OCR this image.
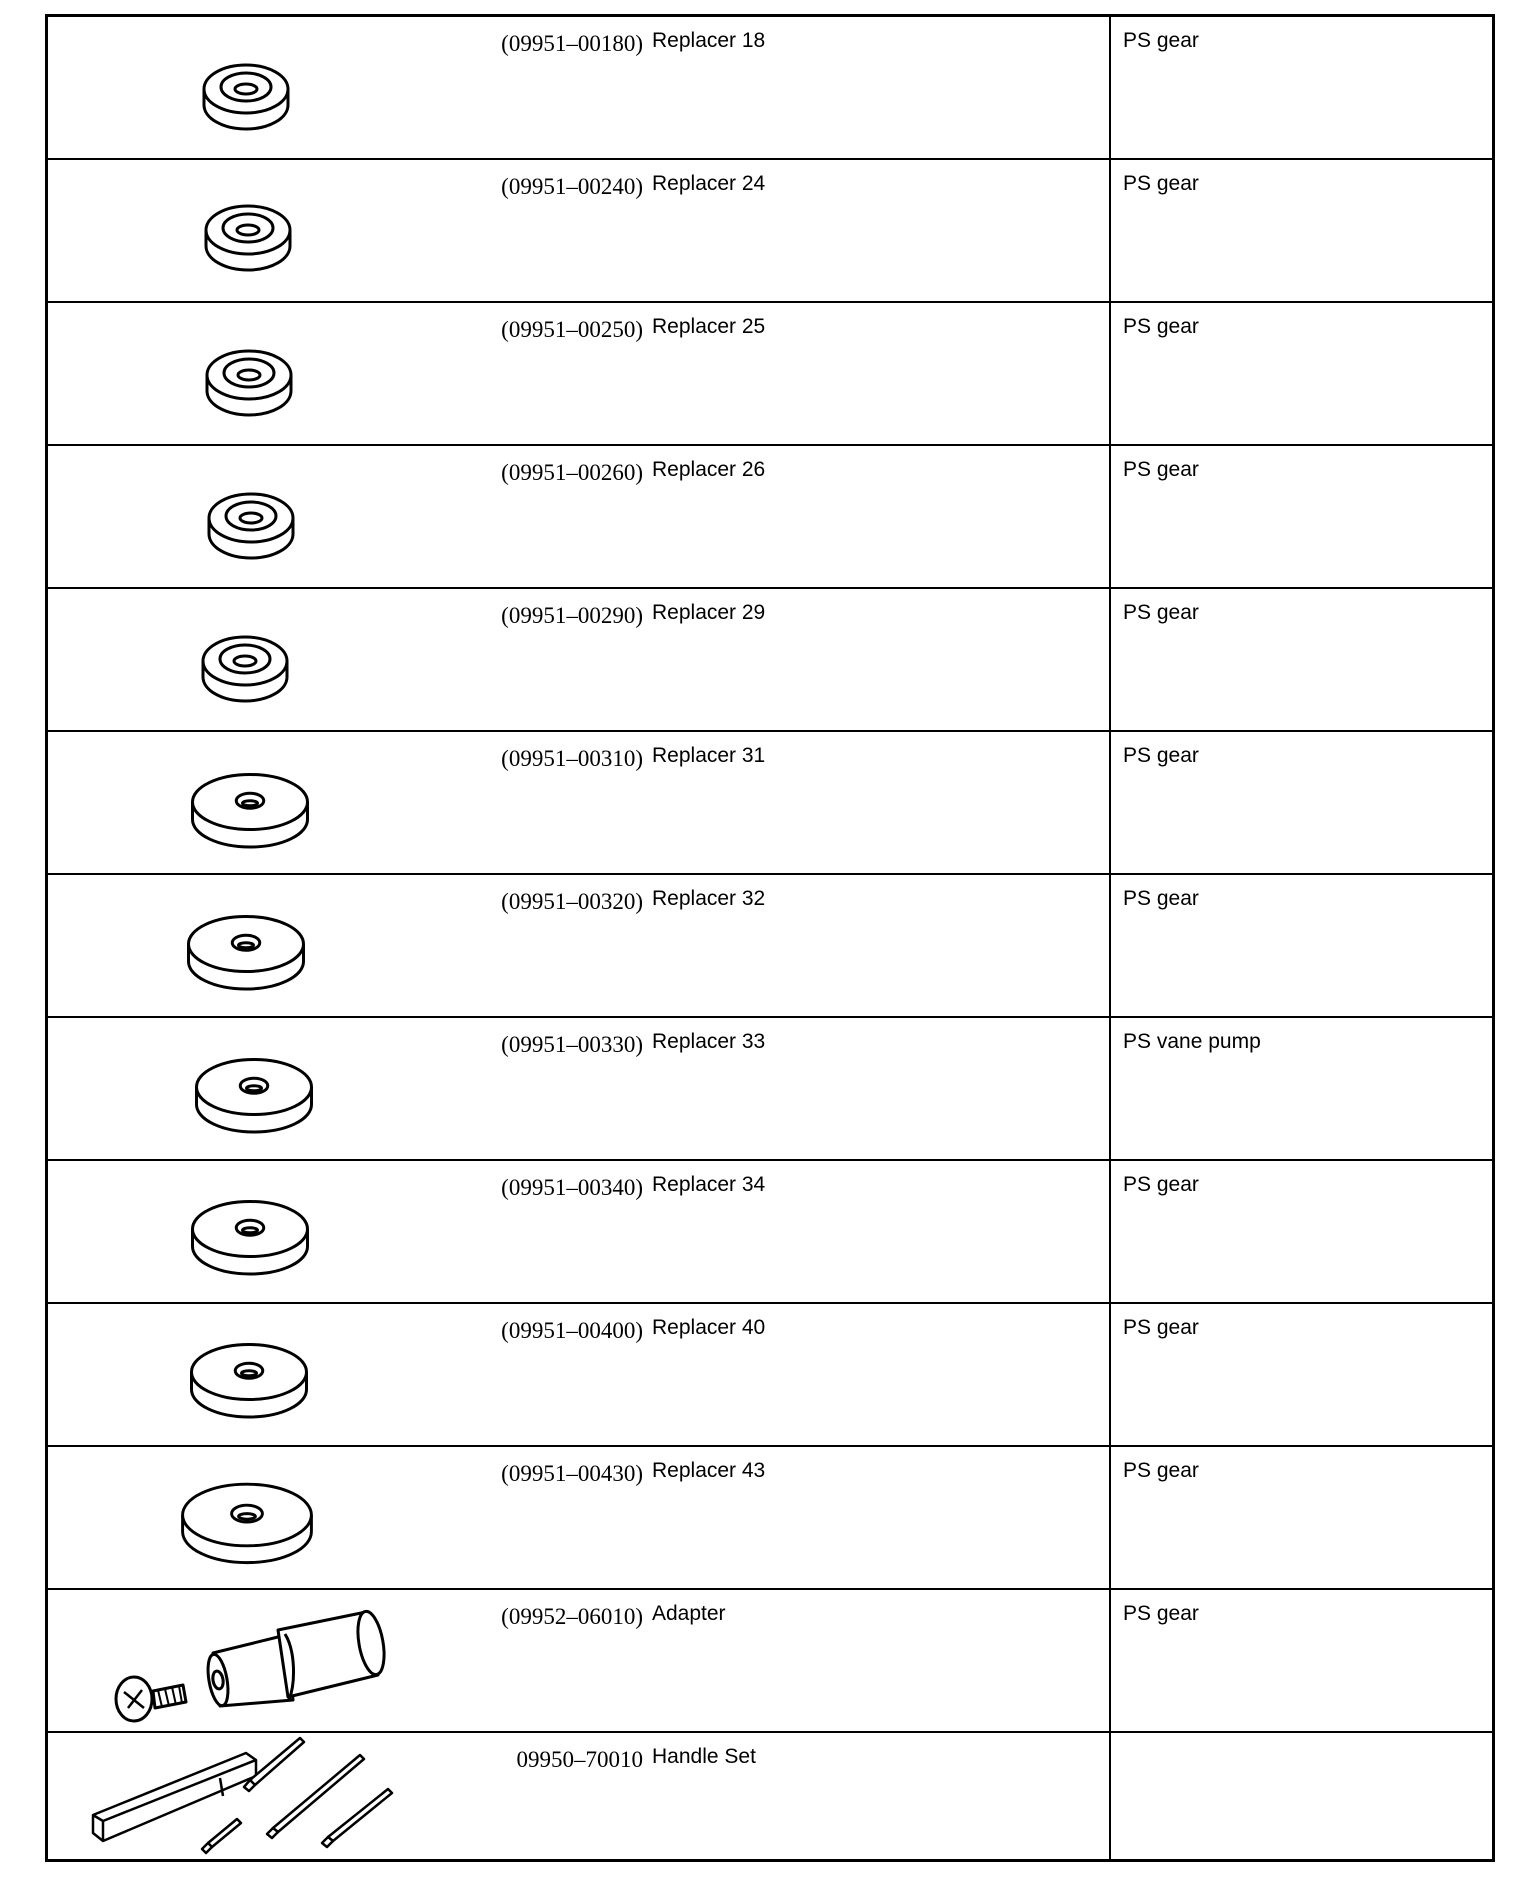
(09951–00180) Replacer 18	PS gear
(09951–00240) Replacer 24	PS gear
(09951–00250) Replacer 25	PS gear
(09951–00260) Replacer 26	PS gear
(09951–00290) Replacer 29	PS gear
(09951–00310) Replacer 31	PS gear
(09951–00320) Replacer 32	PS gear
(09951–00330) Replacer 33	PS vane pump
(09951–00340) Replacer 34	PS gear
(09951–00400) Replacer 40	PS gear
(09951–00430) Replacer 43	PS gear
(09952–06010) Adapter	PS gear
09950–70010 Handle Set
